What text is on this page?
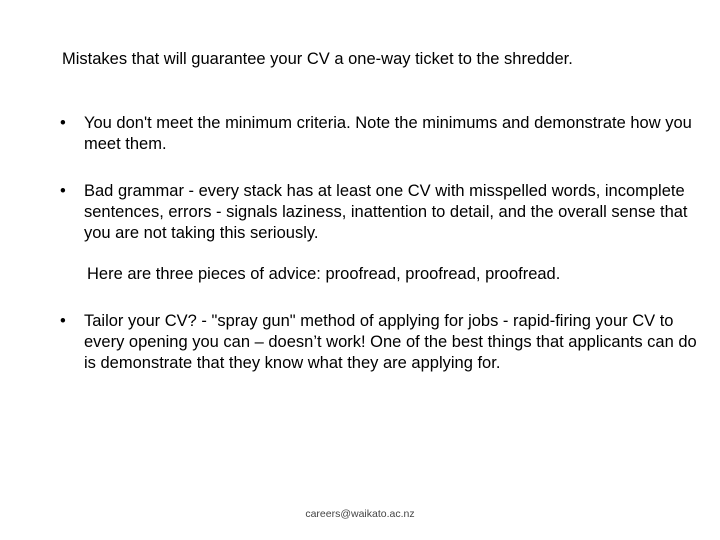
Mistakes that will guarantee your CV a one-way ticket to the shredder.
• You don't meet the minimum criteria. Note the minimums and demonstrate how you meet them.
• Bad grammar - every stack has at least one CV with misspelled words, incomplete sentences, errors - signals laziness, inattention to detail, and the overall sense that you are not taking this seriously.
Here are three pieces of advice: proofread, proofread, proofread.
• Tailor your CV? - "spray gun" method of applying for jobs - rapid-firing your CV to every opening you can – doesn’t work! One of the best things that applicants can do is demonstrate that they know what they are applying for.
careers@waikato.ac.nz
